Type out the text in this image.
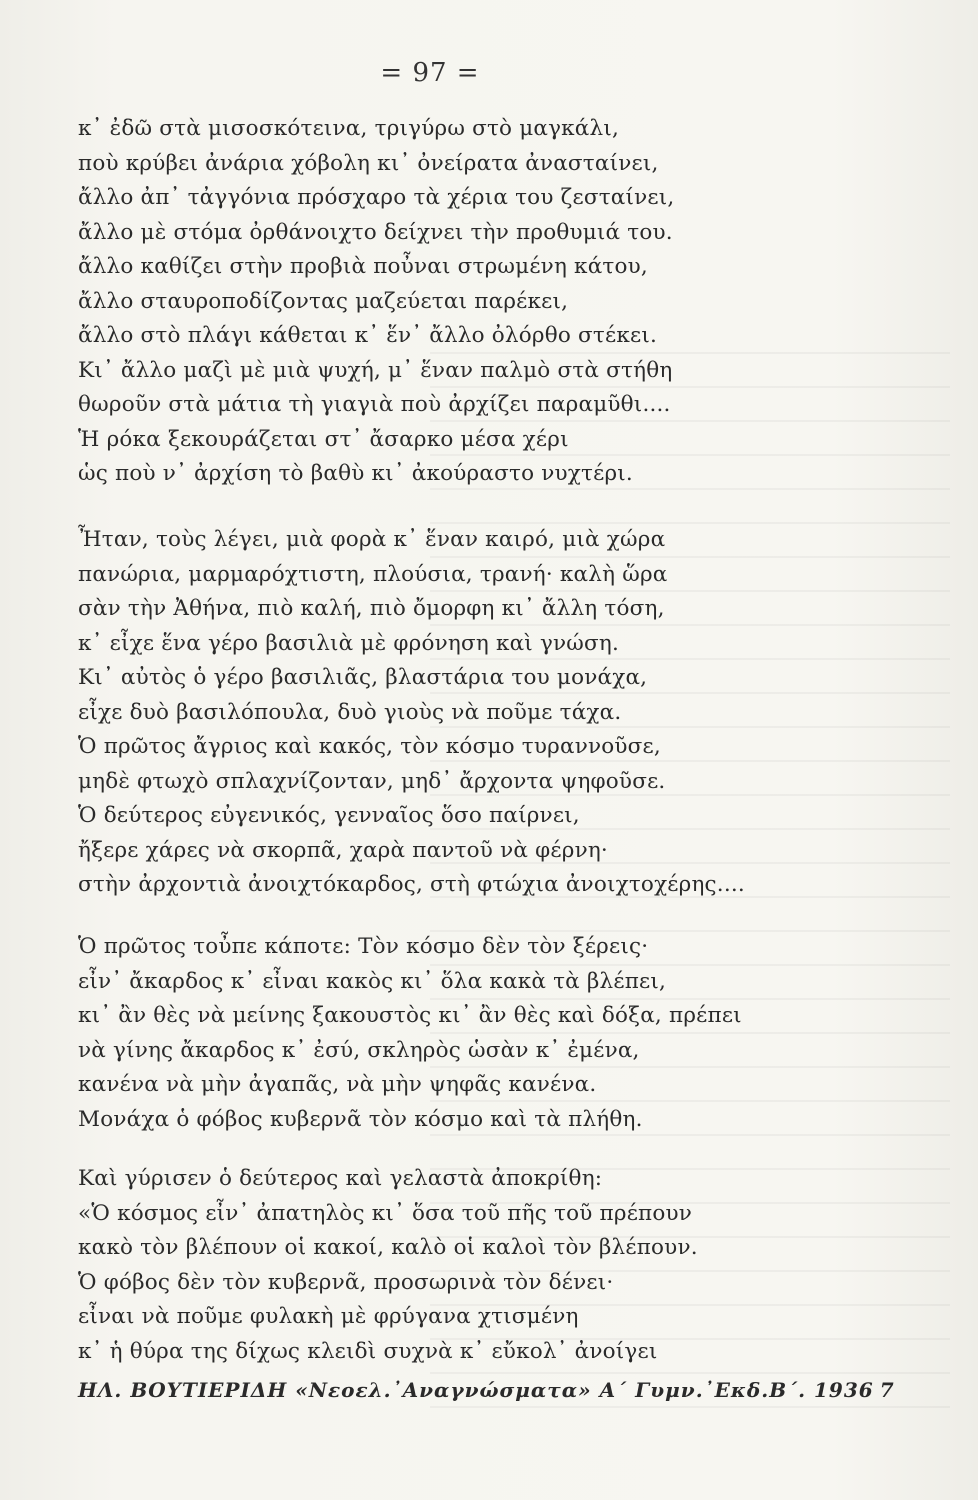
= 97 =
κ᾿ ἐδῶ στὰ μισοσκότεινα, τριγύρω στὸ μαγκάλι,
ποὺ κρύβει ἀνάρια χόβολη κι᾿ ὀνείρατα ἀνασταίνει,
ἄλλο ἀπ᾿ τἀγγόνια πρόσχαρο τὰ χέρια του ζεσταίνει,
ἄλλο μὲ στόμα ὀρθάνοιχτο δείχνει τὴν προθυμιά του.
ἄλλο καθίζει στὴν προβιὰ ποὖναι στρωμένη κάτου,
ἄλλο σταυροποδίζοντας μαζεύεται παρέκει,
ἄλλο στὸ πλάγι κάθεται κ᾿ ἕν᾿ ἄλλο ὀλόρθο στέκει.
Κι᾿ ἄλλο μαζὶ μὲ μιὰ ψυχή, μ᾿ ἕναν παλμὸ στὰ στήθη
θωροῦν στὰ μάτια τὴ γιαγιὰ ποὺ ἀρχίζει παραμῦθι....
Ἡ ρόκα ξεκουράζεται στ᾿ ἄσαρκο μέσα χέρι
ὡς ποὺ ν᾿ ἀρχίση τὸ βαθὺ κι᾿ ἀκούραστο νυχτέρι.
Ἦταν, τοὺς λέγει, μιὰ φορὰ κ᾿ ἕναν καιρό, μιὰ χώρα
πανώρια, μαρμαρόχτιστη, πλούσια, τρανή· καλὴ ὥρα
σὰν τὴν Ἀθήνα, πιὸ καλή, πιὸ ὄμορφη κι᾿ ἄλλη τόση,
κ᾿ εἶχε ἕνα γέρο βασιλιὰ μὲ φρόνηση καὶ γνώση.
Κι᾿ αὐτὸς ὁ γέρο βασιλιᾶς, βλαστάρια του μονάχα,
εἶχε δυὸ βασιλόπουλα, δυὸ γιοὺς νὰ ποῦμε τάχα.
Ὁ πρῶτος ἄγριος καὶ κακός, τὸν κόσμο τυραννοῦσε,
μηδὲ φτωχὸ σπλαχνίζονταν, μηδ᾿ ἄρχοντα ψηφοῦσε.
Ὁ δεύτερος εὐγενικός, γενναῖος ὅσο παίρνει,
ἤξερε χάρες νὰ σκορπᾶ, χαρὰ παντοῦ νὰ φέρνη·
στὴν ἀρχοντιὰ ἀνοιχτόκαρδος, στὴ φτώχια ἀνοιχτοχέρης....
Ὁ πρῶτος τοὖπε κάποτε: Τὸν κόσμο δὲν τὸν ξέρεις·
εἶν᾿ ἄκαρδος κ᾿ εἶναι κακὸς κι᾿ ὅλα κακὰ τὰ βλέπει,
κι᾿ ἂν θὲς νὰ μείνης ξακουστὸς κι᾿ ἂν θὲς καὶ δόξα, πρέπει
νὰ γίνης ἄκαρδος κ᾿ ἐσύ, σκληρὸς ὡσὰν κ᾿ ἐμένα,
κανένα νὰ μὴν ἀγαπᾶς, νὰ μὴν ψηφᾶς κανένα.
Μονάχα ὁ φόβος κυβερνᾶ τὸν κόσμο καὶ τὰ πλήθη.
Καὶ γύρισεν ὁ δεύτερος καὶ γελαστὰ ἀποκρίθη:
«Ὁ κόσμος εἶν᾿ ἀπατηλὸς κι᾿ ὅσα τοῦ πῆς τοῦ πρέπουν
κακὸ τὸν βλέπουν οἱ κακοί, καλὸ οἱ καλοὶ τὸν βλέπουν.
Ὁ φόβος δὲν τὸν κυβερνᾶ, προσωρινὰ τὸν δένει·
εἶναι νὰ ποῦμε φυλακὴ μὲ φρύγανα χτισμένη
κ᾿ ἡ θύρα της δίχως κλειδὶ συχνὰ κ᾿ εὔκολ᾿ ἀνοίγει
ΗΛ. ΒΟΥΤΙΕΡΙΔΗ «Νεοελ.᾿Αναγνώσματα» Α΄ Γυμν.᾿Εκδ.Β΄. 1936 7
